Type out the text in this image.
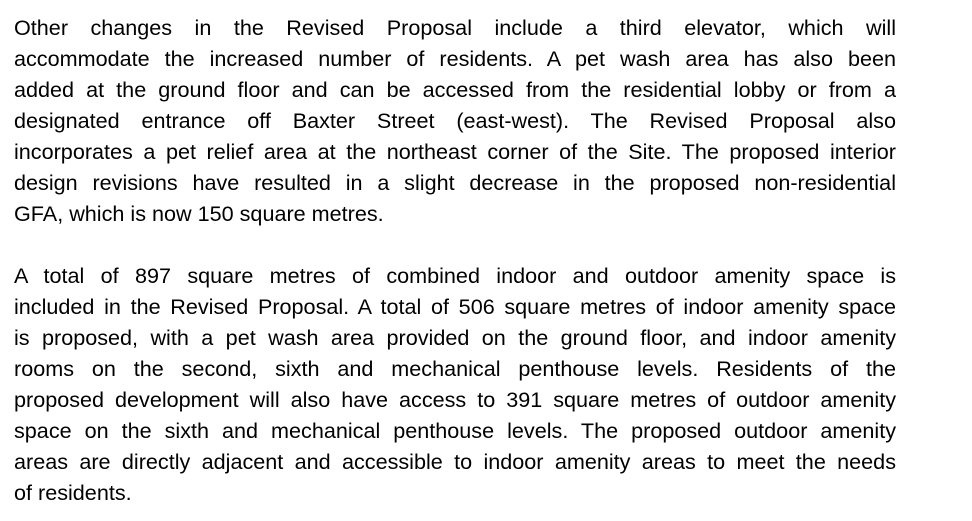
Other changes in the Revised Proposal include a third elevator, which will
accommodate the increased number of residents. A pet wash area has also been
added at the ground floor and can be accessed from the residential lobby or from a
designated entrance off Baxter Street (east-west). The Revised Proposal also
incorporates a pet relief area at the northeast corner of the Site. The proposed interior
design revisions have resulted in a slight decrease in the proposed non-residential
GFA, which is now 150 square metres.

A total of 897 square metres of combined indoor and outdoor amenity space is
included in the Revised Proposal. A total of 506 square metres of indoor amenity space
is proposed, with a pet wash area provided on the ground floor, and indoor amenity
rooms on the second, sixth and mechanical penthouse levels. Residents of the
proposed development will also have access to 391 square metres of outdoor amenity
space on the sixth and mechanical penthouse levels. The proposed outdoor amenity
areas are directly adjacent and accessible to indoor amenity areas to meet the needs
of residents.
